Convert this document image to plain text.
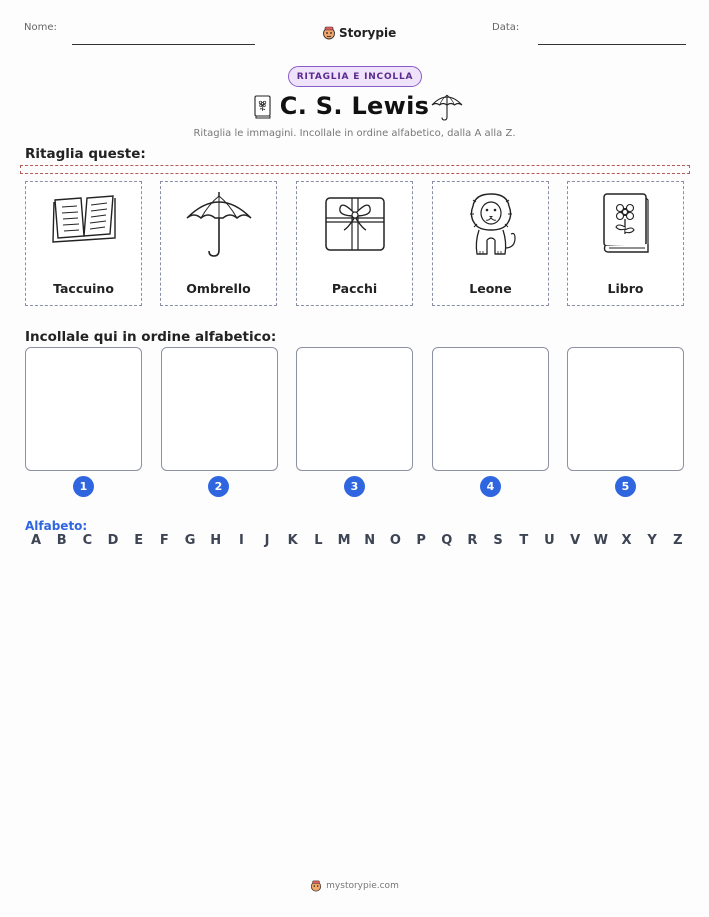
Nome:	Storypie	Data:
RITAGLIA E INCOLLA
C. S. Lewis
Ritaglia le immagini. Incollale in ordine alfabetico, dalla A alla Z.
Ritaglia queste:
Taccuino	Ombrello	Pacchi	Leone	Libro
Incollale qui in ordine alfabetico:
1	2	3	4	5
Alfabeto:
A	B	C	D	E	F	G	H	I	J	K	L	M	N	O	P	Q	R	S	T	U	V	W	X	Y	Z
mystorypie.com
